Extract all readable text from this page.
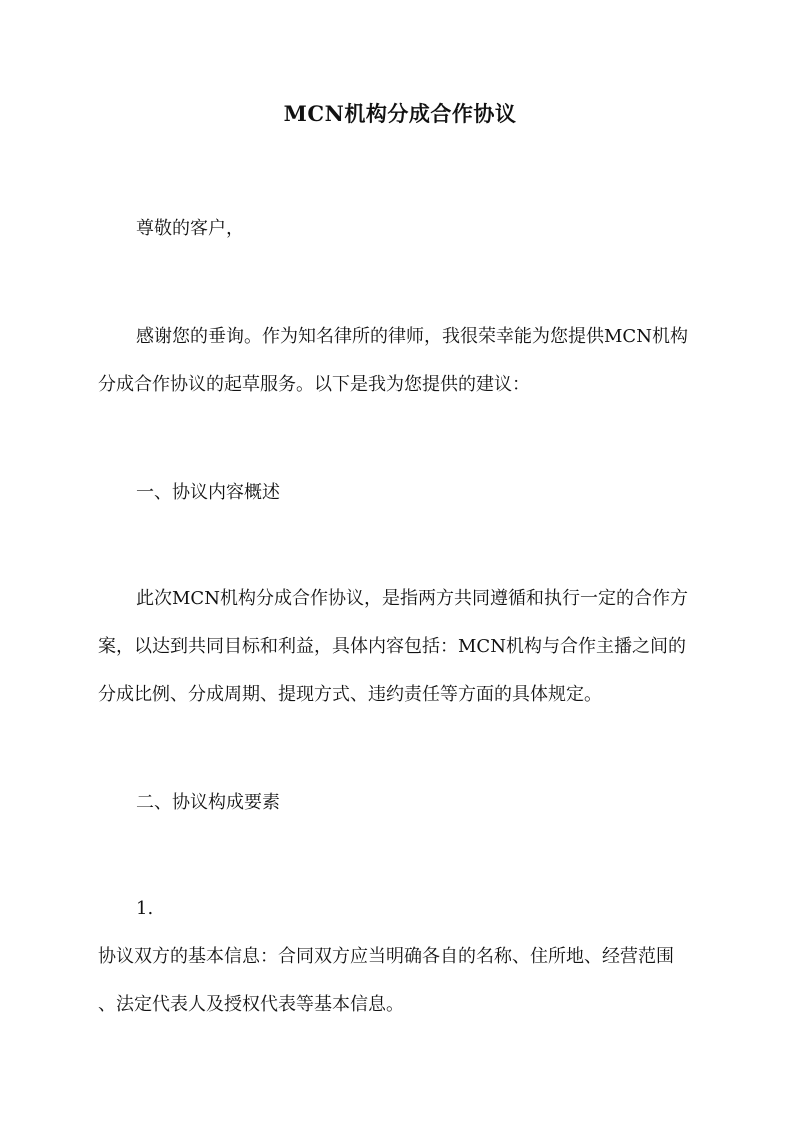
MCN机构分成合作协议
尊敬的客户，
感谢您的垂询。作为知名律所的律师，我很荣幸能为您提供MCN机构
分成合作协议的起草服务。以下是我为您提供的建议：
一、协议内容概述
此次MCN机构分成合作协议，是指两方共同遵循和执行一定的合作方
案，以达到共同目标和利益，具体内容包括：MCN机构与合作主播之间的
分成比例、分成周期、提现方式、违约责任等方面的具体规定。
二、协议构成要素
1.
协议双方的基本信息：合同双方应当明确各自的名称、住所地、经营范围
、法定代表人及授权代表等基本信息。
